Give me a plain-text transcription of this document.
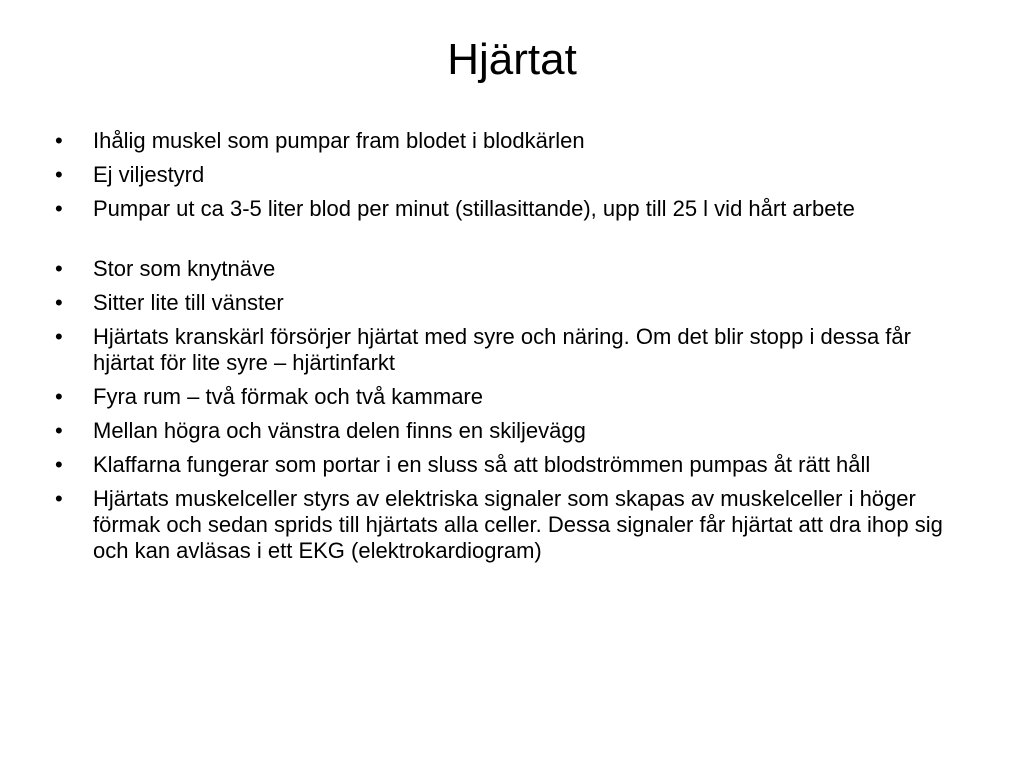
Hjärtat
•	Ihålig muskel som pumpar fram blodet i blodkärlen
•	Ej viljestyrd
•	Pumpar ut ca 3-5 liter blod per minut (stillasittande), upp till 25 l vid hårt arbete
•	Stor som knytnäve
•	Sitter lite till vänster
•	Hjärtats kranskärl försörjer hjärtat med syre och näring. Om det blir stopp i dessa får hjärtat för lite syre – hjärtinfarkt
•	Fyra rum – två förmak och två kammare
•	Mellan högra och vänstra delen finns en skiljevägg
•	Klaffarna fungerar som portar i en sluss så att blodströmmen pumpas åt rätt håll
•	Hjärtats muskelceller styrs av elektriska signaler som skapas av muskelceller i höger förmak och sedan sprids till hjärtats alla celler. Dessa signaler får hjärtat att dra ihop sig och kan avläsas i ett EKG (elektrokardiogram)
